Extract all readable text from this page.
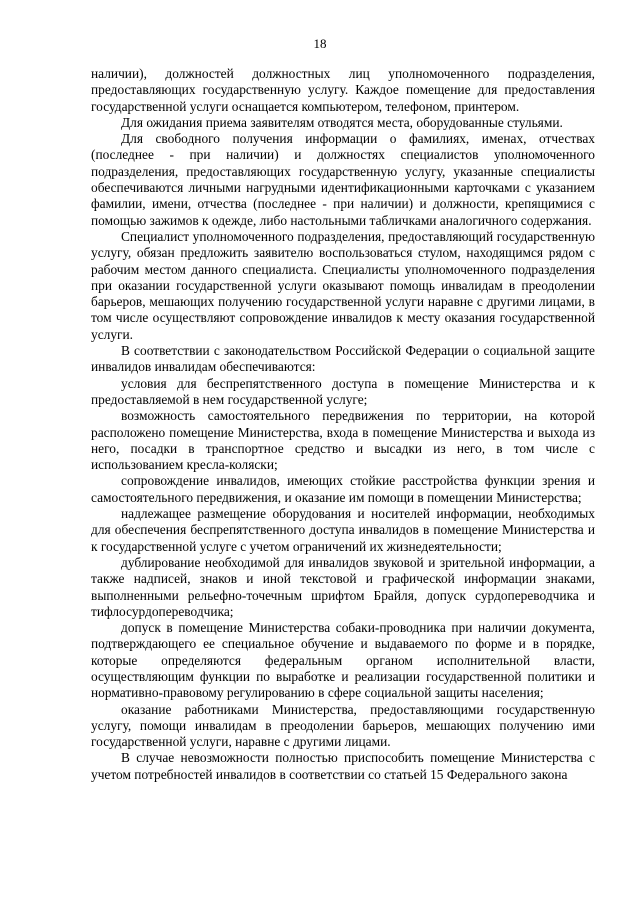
18

наличии), должностей должностных лиц уполномоченного подразделения, предоставляющих государственную услугу. Каждое помещение для предоставления государственной услуги оснащается компьютером, телефоном, принтером.

Для ожидания приема заявителям отводятся места, оборудованные стульями.

Для свободного получения информации о фамилиях, именах, отчествах (последнее - при наличии) и должностях специалистов уполномоченного подразделения, предоставляющих государственную услугу, указанные специалисты обеспечиваются личными нагрудными идентификационными карточками с указанием фамилии, имени, отчества (последнее - при наличии) и должности, крепящимися с помощью зажимов к одежде, либо настольными табличками аналогичного содержания.

Специалист уполномоченного подразделения, предоставляющий государственную услугу, обязан предложить заявителю воспользоваться стулом, находящимся рядом с рабочим местом данного специалиста. Специалисты уполномоченного подразделения при оказании государственной услуги оказывают помощь инвалидам в преодолении барьеров, мешающих получению государственной услуги наравне с другими лицами, в том числе осуществляют сопровождение инвалидов к месту оказания государственной услуги.

В соответствии с законодательством Российской Федерации о социальной защите инвалидов инвалидам обеспечиваются:

условия для беспрепятственного доступа в помещение Министерства и к предоставляемой в нем государственной услуге;

возможность самостоятельного передвижения по территории, на которой расположено помещение Министерства, входа в помещение Министерства и выхода из него, посадки в транспортное средство и высадки из него, в том числе с использованием кресла-коляски;

сопровождение инвалидов, имеющих стойкие расстройства функции зрения и самостоятельного передвижения, и оказание им помощи в помещении Министерства;

надлежащее размещение оборудования и носителей информации, необходимых для обеспечения беспрепятственного доступа инвалидов в помещение Министерства и к государственной услуге с учетом ограничений их жизнедеятельности;

дублирование необходимой для инвалидов звуковой и зрительной информации, а также надписей, знаков и иной текстовой и графической информации знаками, выполненными рельефно-точечным шрифтом Брайля, допуск сурдопереводчика и тифлосурдопереводчика;

допуск в помещение Министерства собаки-проводника при наличии документа, подтверждающего ее специальное обучение и выдаваемого по форме и в порядке, которые определяются федеральным органом исполнительной власти, осуществляющим функции по выработке и реализации государственной политики и нормативно-правовому регулированию в сфере социальной защиты населения;

оказание работниками Министерства, предоставляющими государственную услугу, помощи инвалидам в преодолении барьеров, мешающих получению ими государственной услуги, наравне с другими лицами.

В случае невозможности полностью приспособить помещение Министерства с учетом потребностей инвалидов в соответствии со статьей 15 Федерального закона
